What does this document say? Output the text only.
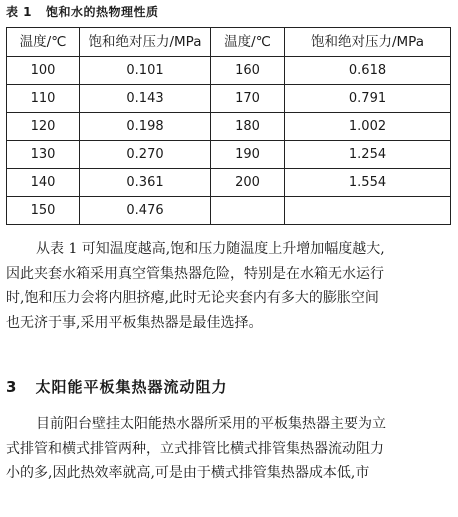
表 1 饱和水的热物理性质
温度/℃	饱和绝对压力/MPa	温度/℃	饱和绝对压力/MPa
100	0.101	160	0.618
110	0.143	170	0.791
120	0.198	180	1.002
130	0.270	190	1.254
140	0.361	200	1.554
150	0.476		

从表 1 可知温度越高,饱和压力随温度上升增加幅度越大,
因此夹套水箱采用真空管集热器危险，特别是在水箱无水运行
时,饱和压力会将内胆挤瘪,此时无论夹套内有多大的膨胀空间
也无济于事,采用平板集热器是最佳选择。

3 太阳能平板集热器流动阻力

目前阳台壁挂太阳能热水器所采用的平板集热器主要为立
式排管和横式排管两种，立式排管比横式排管集热器流动阻力
小的多,因此热效率就高,可是由于横式排管集热器成本低,市
